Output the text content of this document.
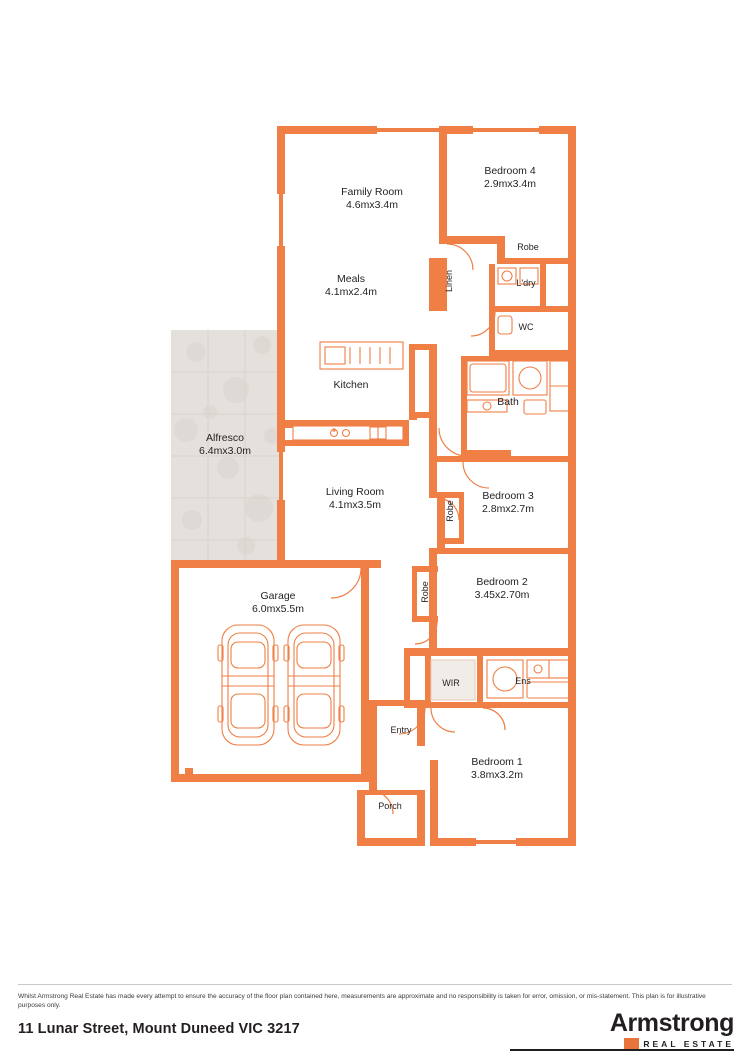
Family Room
4.6mx3.4m
Bedroom 4
2.9mx3.4m
Meals
4.1mx2.4m
Kitchen
Alfresco
6.4mx3.0m
Living Room
4.1mx3.5m
Bath
Bedroom 3
2.8mx2.7m
Bedroom 2
3.45x2.70m
Bedroom 1
3.8mx3.2m
Garage
6.0mx5.5m
Robe
L'dry
WC
WIR	Ens
Entry
Porch
Linen
Robe
Robe
Whilst Armstrong Real Estate has made every attempt to ensure the accuracy of the floor plan contained here, measurements are approximate and no responsibility is taken for error, omission, or mis-statement. This plan is for illustrative purposes only.
11 Lunar Street, Mount Duneed VIC 3217	Armstrong
REAL ESTATE
